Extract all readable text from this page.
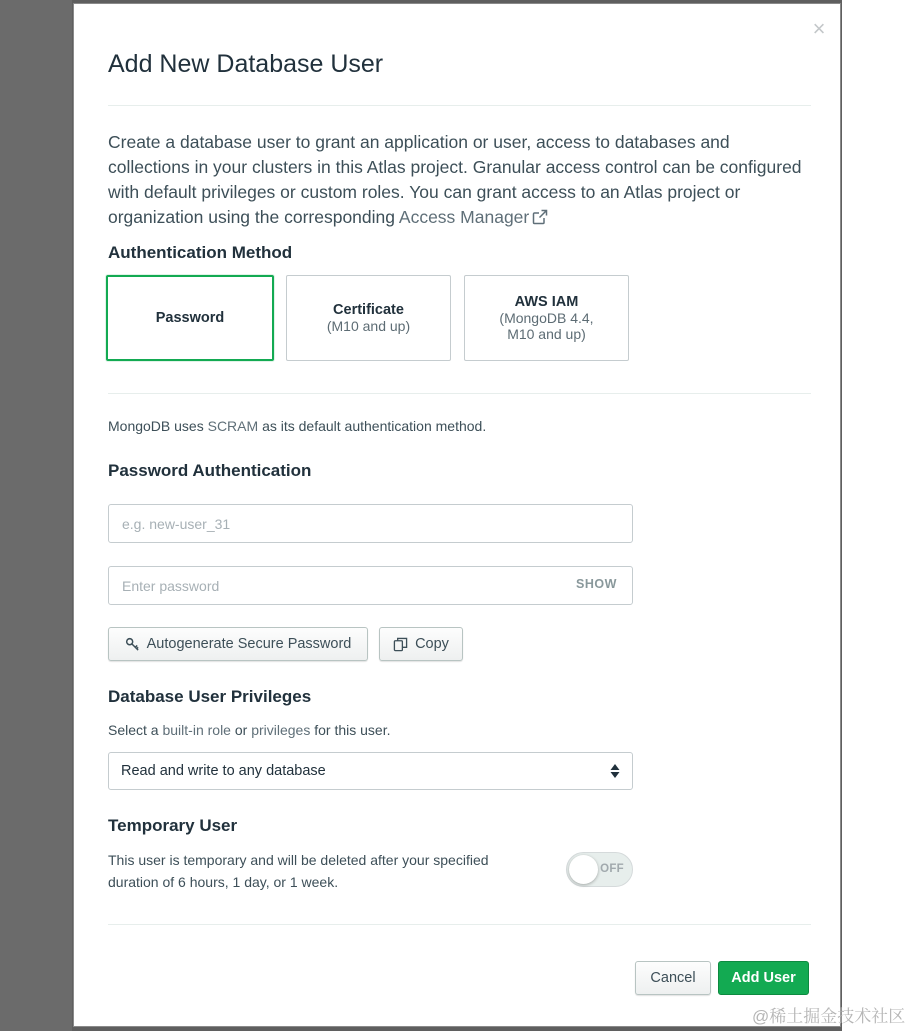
×
Add New Database User
Create a database user to grant an application or user, access to databases and collections in your clusters in this Atlas project. Granular access control can be configured with default privileges or custom roles. You can grant access to an Atlas project or organization using the corresponding Access Manager
Authentication Method
Password	Certificate
(M10 and up)
AWS IAM
(MongoDB 4.4, M10 and up)
MongoDB uses SCRAM as its default authentication method.
Password Authentication
e.g. new-user_31
SHOW
Autogenerate Secure Password	Copy
Database User Privileges
Select a built-in role or privileges for this user.
Read and write to any database
Temporary User
This user is temporary and will be deleted after your specified duration of 6 hours, 1 day, or 1 week.
OFF
Cancel	Add User
@稀土掘金技术社区
